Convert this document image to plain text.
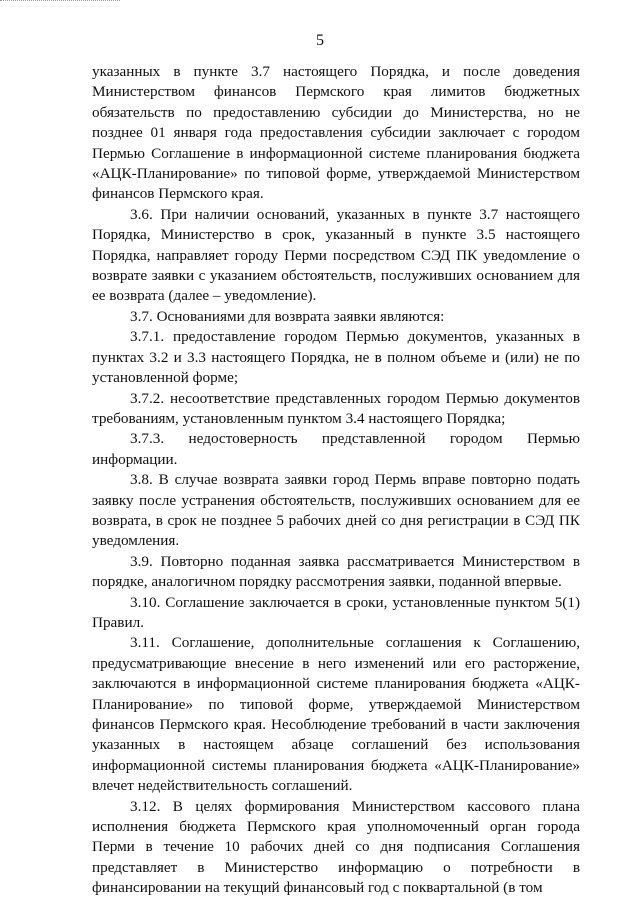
5

указанных в пункте 3.7 настоящего Порядка, и после доведения Министерством финансов Пермского края лимитов бюджетных обязательств по предоставлению субсидии до Министерства, но не позднее 01 января года предоставления субсидии заключает с городом Пермью Соглашение в информационной системе планирования бюджета «АЦК-Планирование» по типовой форме, утверждаемой Министерством финансов Пермского края.

3.6. При наличии оснований, указанных в пункте 3.7 настоящего Порядка, Министерство в срок, указанный в пункте 3.5 настоящего Порядка, направляет городу Перми посредством СЭД ПК уведомление о возврате заявки с указанием обстоятельств, послуживших основанием для ее возврата (далее – уведомление).

3.7. Основаниями для возврата заявки являются:

3.7.1. предоставление городом Пермью документов, указанных в пунктах 3.2 и 3.3 настоящего Порядка, не в полном объеме и (или) не по установленной форме;

3.7.2. несоответствие представленных городом Пермью документов требованиям, установленным пунктом 3.4 настоящего Порядка;

3.7.3. недостоверность представленной городом Пермью информации.

3.8. В случае возврата заявки город Пермь вправе повторно подать заявку после устранения обстоятельств, послуживших основанием для ее возврата, в срок не позднее 5 рабочих дней со дня регистрации в СЭД ПК уведомления.

3.9. Повторно поданная заявка рассматривается Министерством в порядке, аналогичном порядку рассмотрения заявки, поданной впервые.

3.10. Соглашение заключается в сроки, установленные пунктом 5(1) Правил.

3.11. Соглашение, дополнительные соглашения к Соглашению, предусматривающие внесение в него изменений или его расторжение, заключаются в информационной системе планирования бюджета «АЦК-Планирование» по типовой форме, утверждаемой Министерством финансов Пермского края. Несоблюдение требований в части заключения указанных в настоящем абзаце соглашений без использования информационной системы планирования бюджета «АЦК-Планирование» влечет недействительность соглашений.

3.12. В целях формирования Министерством кассового плана исполнения бюджета Пермского края уполномоченный орган города Перми в течение 10 рабочих дней со дня подписания Соглашения представляет в Министерство информацию о потребности в финансировании на текущий финансовый год с поквартальной (в том
